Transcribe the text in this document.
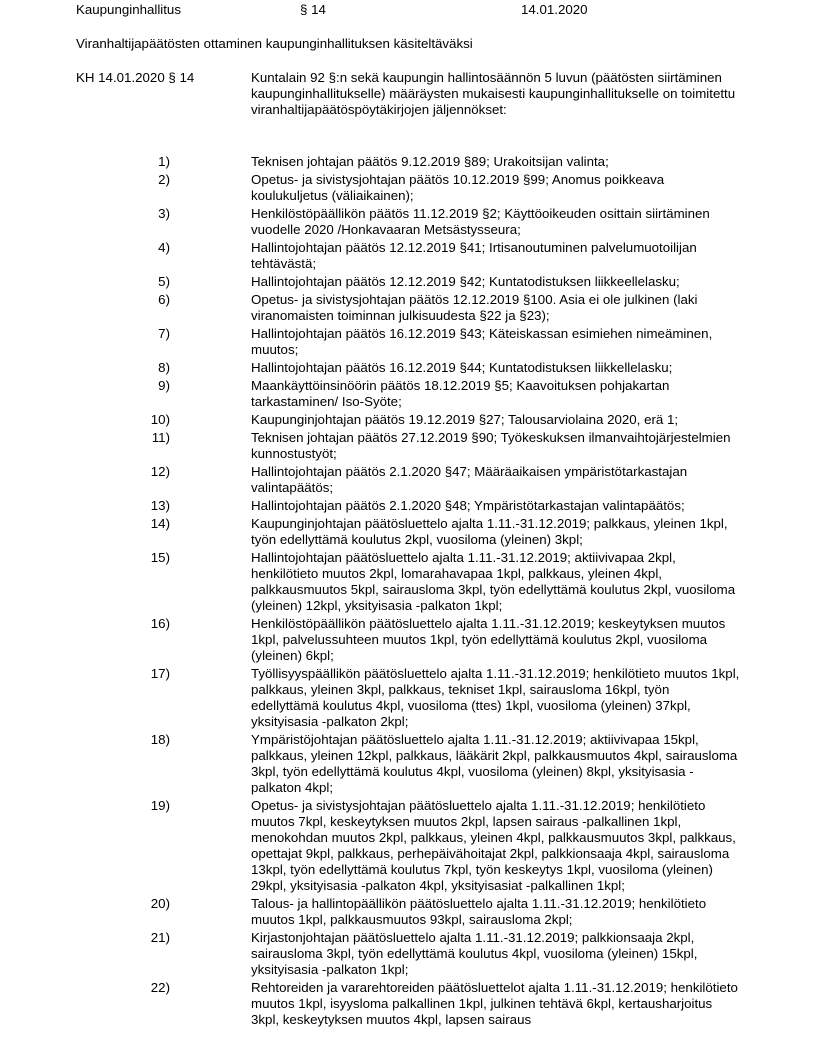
Kaupunginhallitus	§ 14	14.01.2020
Viranhaltijapäätösten ottaminen kaupunginhallituksen käsiteltäväksi
KH 14.01.2020 § 14	Kuntalain 92 §:n sekä kaupungin hallintosäännön 5 luvun (päätösten siirtäminen kaupunginhallitukselle) määräysten mukaisesti kaupunginhallitukselle on toimitettu viranhaltijapäätöspöytäkirjojen jäljennökset:
1)	Teknisen johtajan päätös 9.12.2019 §89; Urakoitsijan valinta;
2)	Opetus- ja sivistysjohtajan päätös 10.12.2019 §99; Anomus poikkeava koulukuljetus (väliaikainen);
3)	Henkilöstöpäällikön päätös 11.12.2019 §2; Käyttöoikeuden osittain siirtäminen vuodelle 2020 /Honkavaaran Metsästysseura;
4)	Hallintojohtajan päätös 12.12.2019 §41; Irtisanoutuminen palvelumuotoilijan tehtävästä;
5)	Hallintojohtajan päätös 12.12.2019 §42; Kuntatodistuksen liikkeellelasku;
6)	Opetus- ja sivistysjohtajan päätös 12.12.2019 §100. Asia ei ole julkinen (laki viranomaisten toiminnan julkisuudesta §22 ja §23);
7)	Hallintojohtajan päätös 16.12.2019 §43; Käteiskassan esimiehen nimeäminen, muutos;
8)	Hallintojohtajan päätös 16.12.2019 §44; Kuntatodistuksen liikkellelasku;
9)	Maankäyttöinsinöörin päätös 18.12.2019 §5; Kaavoituksen pohjakartan tarkastaminen/ Iso-Syöte;
10)	Kaupunginjohtajan päätös 19.12.2019 §27; Talousarviolaina 2020, erä 1;
11)	Teknisen johtajan päätös 27.12.2019 §90; Työkeskuksen ilmanvaihtojärjestelmien kunnostustyöt;
12)	Hallintojohtajan päätös 2.1.2020 §47; Määräaikaisen ympäristötarkastajan valintapäätös;
13)	Hallintojohtajan päätös 2.1.2020 §48; Ympäristötarkastajan valintapäätös;
14)	Kaupunginjohtajan päätösluettelo ajalta 1.11.-31.12.2019; palkkaus, yleinen 1kpl, työn edellyttämä koulutus 2kpl, vuosiloma (yleinen) 3kpl;
15)	Hallintojohtajan päätösluettelo ajalta 1.11.-31.12.2019; aktiivivapaa 2kpl, henkilötieto muutos 2kpl, lomarahavapaa 1kpl, palkkaus, yleinen 4kpl, palkkausmuutos 5kpl, sairausloma 3kpl, työn edellyttämä koulutus 2kpl, vuosiloma (yleinen) 12kpl, yksityisasia -palkaton 1kpl;
16)	Henkilöstöpäällikön päätösluettelo ajalta 1.11.-31.12.2019; keskeytyksen muutos 1kpl, palvelussuhteen muutos 1kpl, työn edellyttämä koulutus 2kpl, vuosiloma (yleinen) 6kpl;
17)	Työllisyyspäällikön päätösluettelo ajalta 1.11.-31.12.2019; henkilötieto muutos 1kpl, palkkaus, yleinen 3kpl, palkkaus, tekniset 1kpl, sairausloma 16kpl, työn edellyttämä koulutus 4kpl, vuosiloma (ttes) 1kpl, vuosiloma (yleinen) 37kpl, yksityisasia -palkaton 2kpl;
18)	Ympäristöjohtajan päätösluettelo ajalta 1.11.-31.12.2019; aktiivivapaa 15kpl, palkkaus, yleinen 12kpl, palkkaus, lääkärit 2kpl, palkkausmuutos 4kpl, sairausloma 3kpl, työn edellyttämä koulutus 4kpl, vuosiloma (yleinen) 8kpl, yksityisasia -palkaton 4kpl;
19)	Opetus- ja sivistysjohtajan päätösluettelo ajalta 1.11.-31.12.2019; henkilötieto muutos 7kpl, keskeytyksen muutos 2kpl, lapsen sairaus -palkallinen 1kpl, menokohdan muutos 2kpl, palkkaus, yleinen 4kpl, palkkausmuutos 3kpl, palkkaus, opettajat 9kpl, palkkaus, perhepäivähoitajat 2kpl, palkkionsaaja 4kpl, sairausloma 13kpl, työn edellyttämä koulutus 7kpl, työn keskeytys 1kpl, vuosiloma (yleinen) 29kpl, yksityisasia -palkaton 4kpl, yksityisasiat -palkallinen 1kpl;
20)	Talous- ja hallintopäällikön päätösluettelo ajalta 1.11.-31.12.2019; henkilötieto muutos 1kpl, palkkausmuutos 93kpl, sairausloma 2kpl;
21)	Kirjastonjohtajan päätösluettelo ajalta 1.11.-31.12.2019; palkkionsaaja 2kpl, sairausloma 3kpl, työn edellyttämä koulutus 4kpl, vuosiloma (yleinen) 15kpl, yksityisasia -palkaton 1kpl;
22)	Rehtoreiden ja vararehtoreiden päätösluettelot ajalta 1.11.-31.12.2019; henkilötieto muutos 1kpl, isyysloma palkallinen 1kpl, julkinen tehtävä 6kpl, kertausharjoitus 3kpl, keskeytyksen muutos 4kpl, lapsen sairaus
